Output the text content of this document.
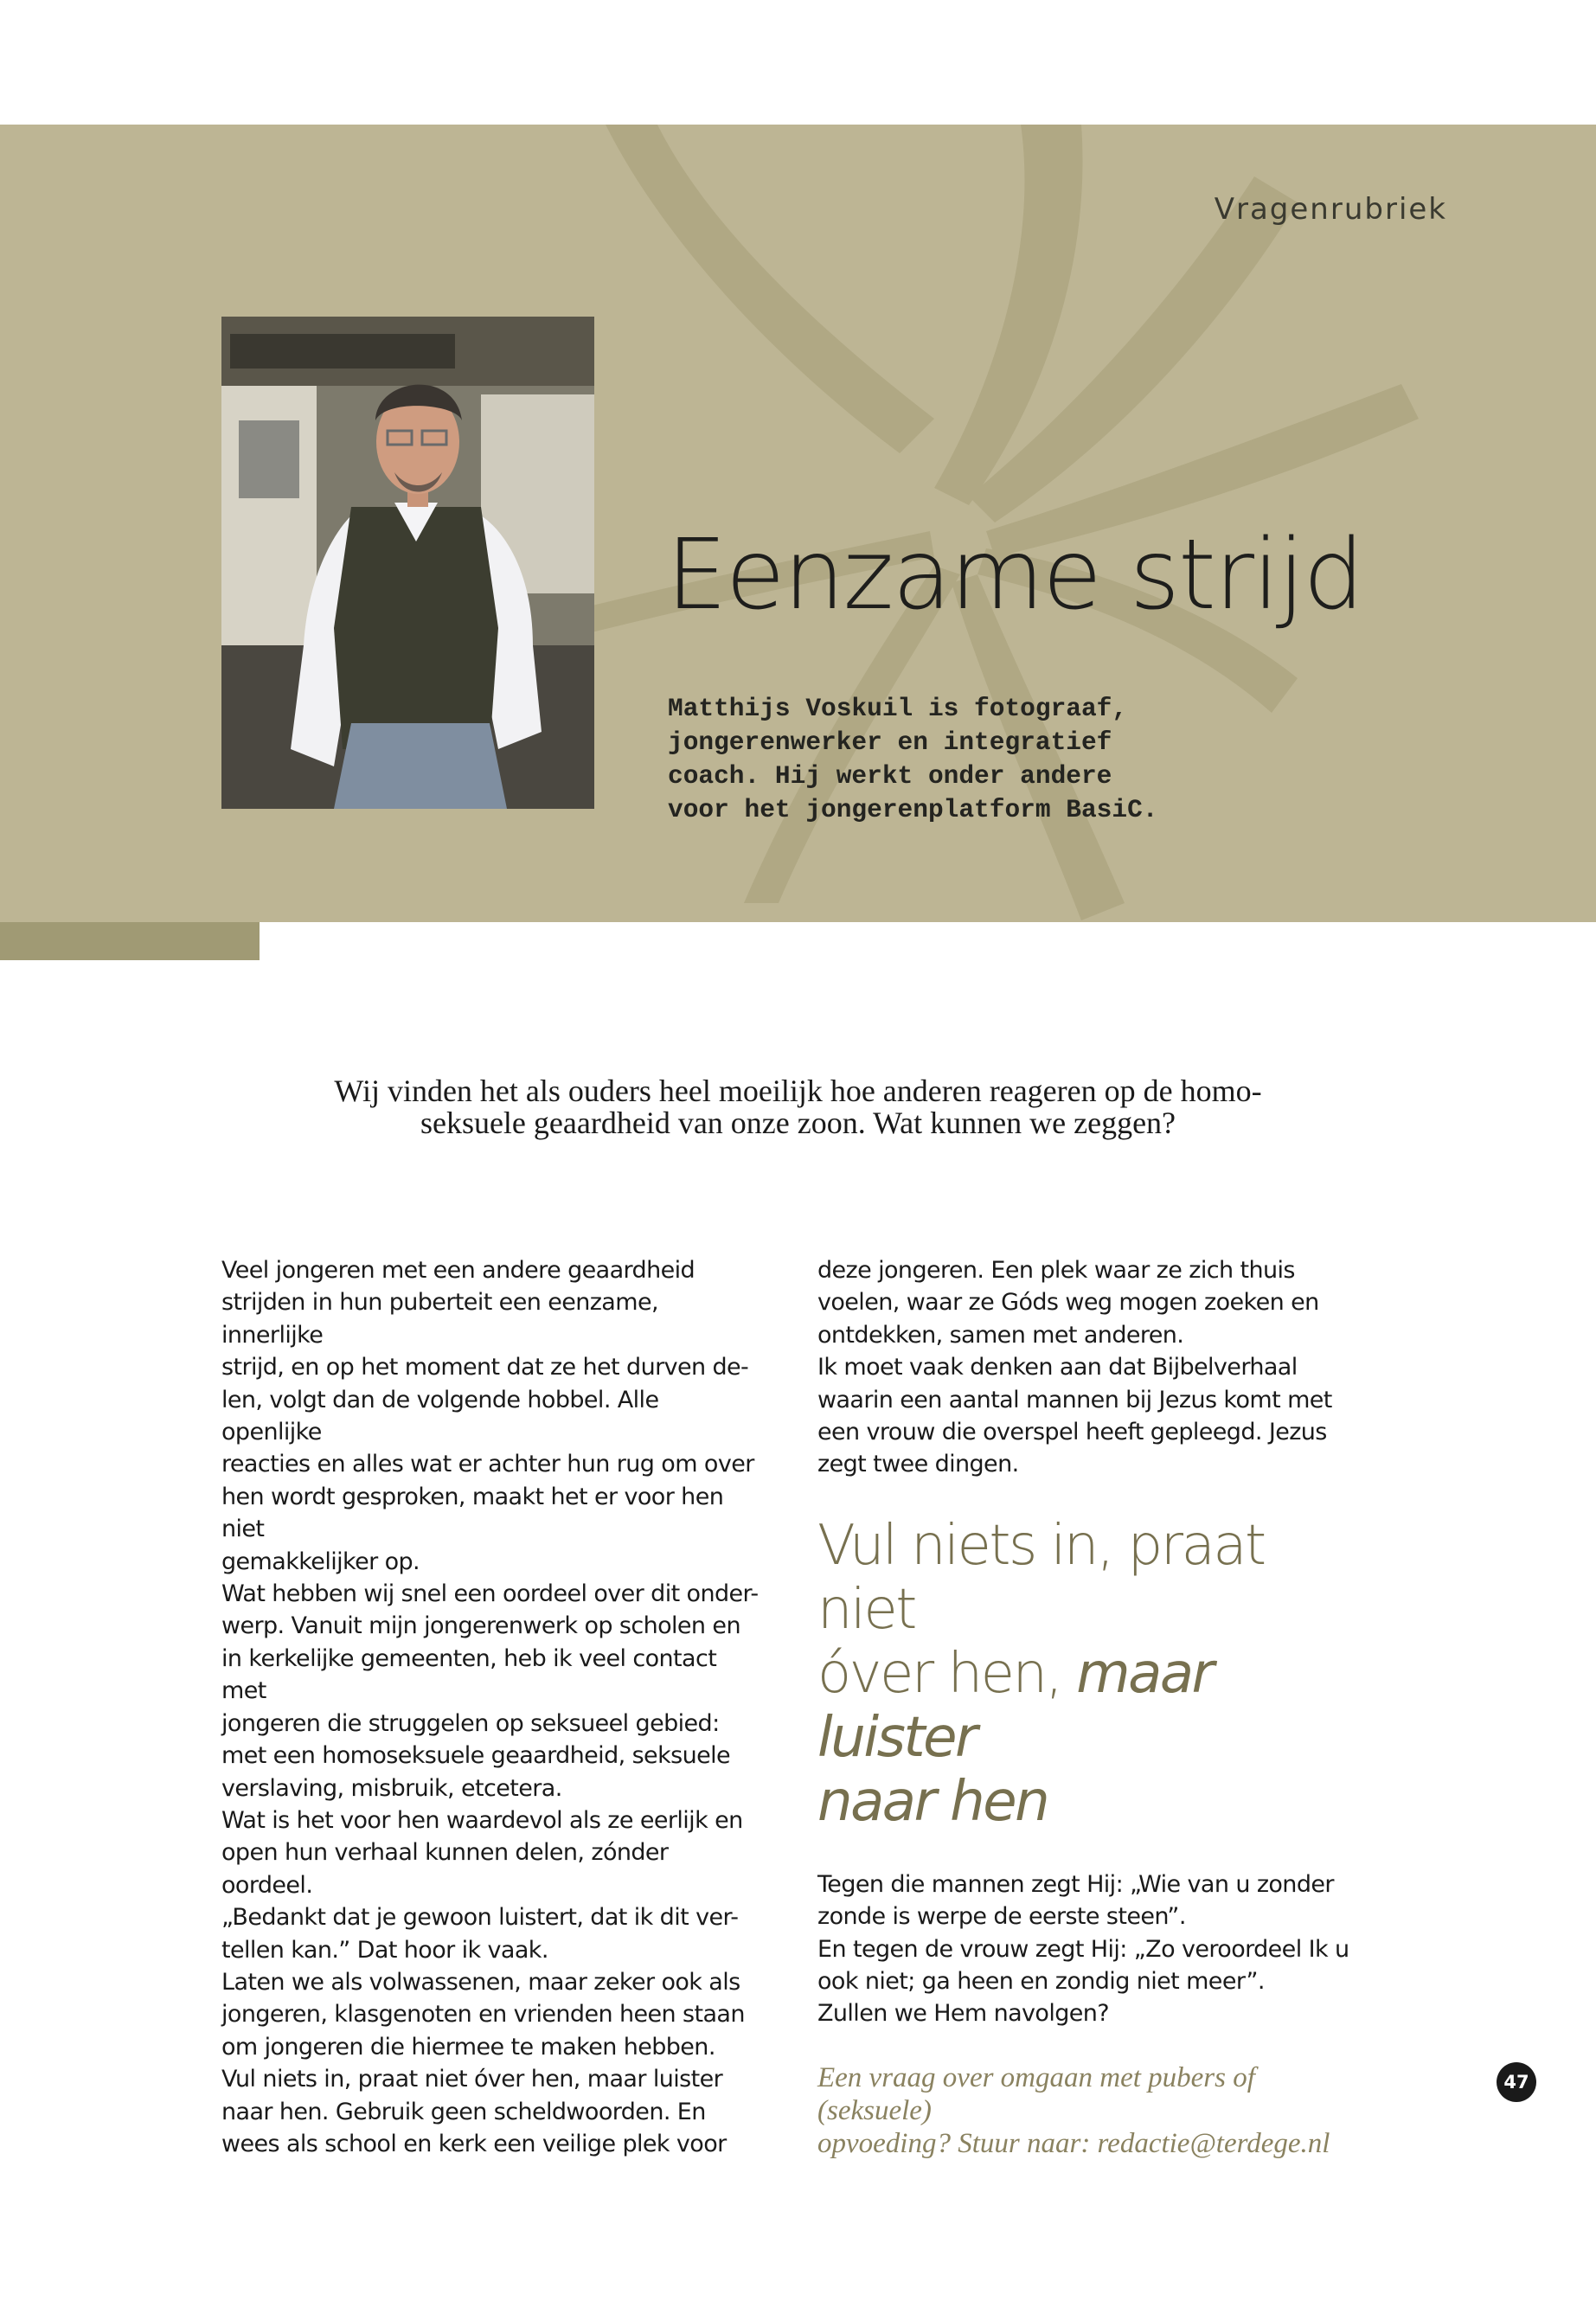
Vragenrubriek
Eenzame strijd

Matthijs Voskuil is fotograaf,
jongerenwerker en integratief
coach. Hij werkt onder andere
voor het jongerenplatform BasiC.

Wij vinden het als ouders heel moeilijk hoe anderen reageren op de homo-
seksuele geaardheid van onze zoon. Wat kunnen we zeggen?

Veel jongeren met een andere geaardheid
strijden in hun puberteit een eenzame, innerlijke
strijd, en op het moment dat ze het durven de-
len, volgt dan de volgende hobbel. Alle openlijke
reacties en alles wat er achter hun rug om over
hen wordt gesproken, maakt het er voor hen niet
gemakkelijker op.

Wat hebben wij snel een oordeel over dit onder-
werp. Vanuit mijn jongerenwerk op scholen en
in kerkelijke gemeenten, heb ik veel contact met
jongeren die struggelen op seksueel gebied:
met een homoseksuele geaardheid, seksuele
verslaving, misbruik, etcetera.

Wat is het voor hen waardevol als ze eerlijk en
open hun verhaal kunnen delen, zónder oordeel.
„Bedankt dat je gewoon luistert, dat ik dit ver-
tellen kan.” Dat hoor ik vaak.

Laten we als volwassenen, maar zeker ook als
jongeren, klasgenoten en vrienden heen staan
om jongeren die hiermee te maken hebben.
Vul niets in, praat niet óver hen, maar luister
naar hen. Gebruik geen scheldwoorden. En
wees als school en kerk een veilige plek voor

deze jongeren. Een plek waar ze zich thuis
voelen, waar ze Góds weg mogen zoeken en
ontdekken, samen met anderen.

Ik moet vaak denken aan dat Bijbelverhaal
waarin een aantal mannen bij Jezus komt met
een vrouw die overspel heeft gepleegd. Jezus
zegt twee dingen.

Vul niets in, praat niet
óver hen, maar luister
naar hen

Tegen die mannen zegt Hij: „Wie van u zonder
zonde is werpe de eerste steen”.

En tegen de vrouw zegt Hij: „Zo veroordeel Ik u
ook niet; ga heen en zondig niet meer”.

Zullen we Hem navolgen?

Een vraag over omgaan met pubers of (seksuele)
opvoeding? Stuur naar: redactie@terdege.nl

47
